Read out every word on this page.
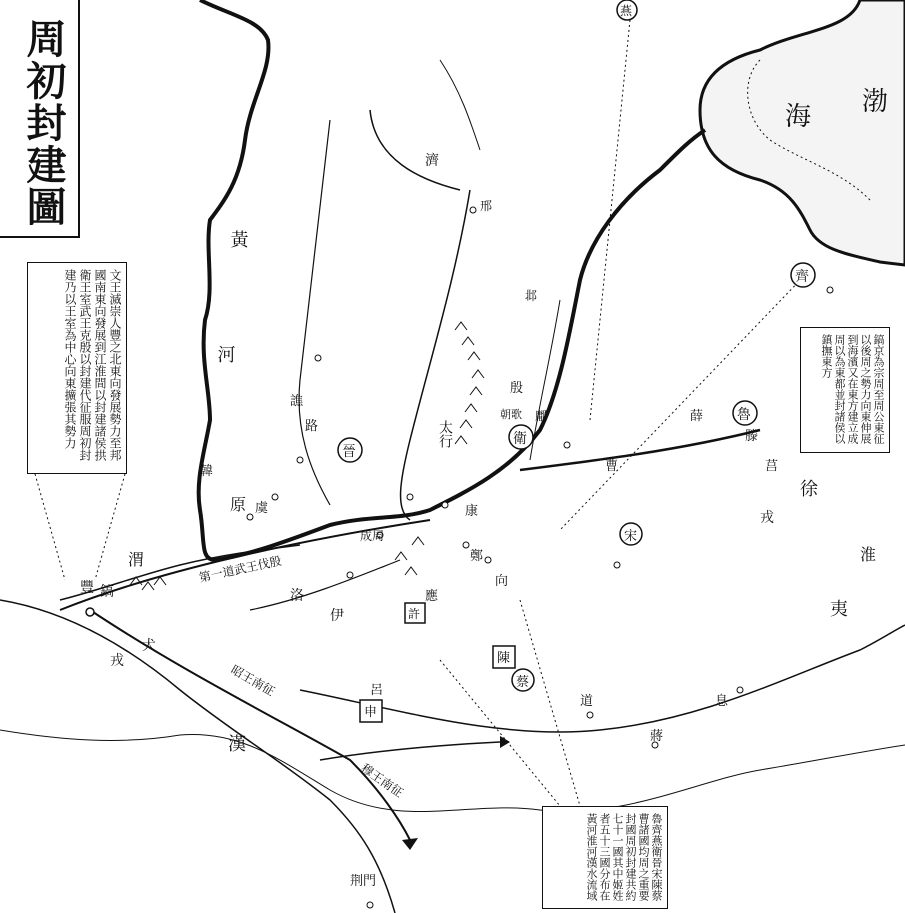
周初封建圖	渤
海
黃
河
渭
洛
伊
濟
淮
漢
第一道武王伐殷
昭王南征
穆王南征
太行
原
徐
戎
夷
犬
戎
衛
晉
魯
齊
宋
蔡
燕
申
呂
陳
許
豐 鎬
殷
朝歌
成周
邢
邶
鄘
鄭
薛
滕
莒
曹
康
應
向
道
蔣
息
譙
路
虞
韓
荆門
文王滅崇人豐之北東向發展勢力至邦國南東向發展到江淮間以封建諸侯拱衛王室武王克殷以封建代征服周初封建乃以王室為中心向東擴張其勢力	鎬京為宗周至周公東征以後周之勢力向東伸展到海濱又在東方建立成周以為東都並封諸侯以鎮撫東方
魯齊燕衛晉宋陳蔡曹諸國均周之重要封國周初封建共約七十一國其中姬姓者五十三國分布在黃河淮河漢水流域
